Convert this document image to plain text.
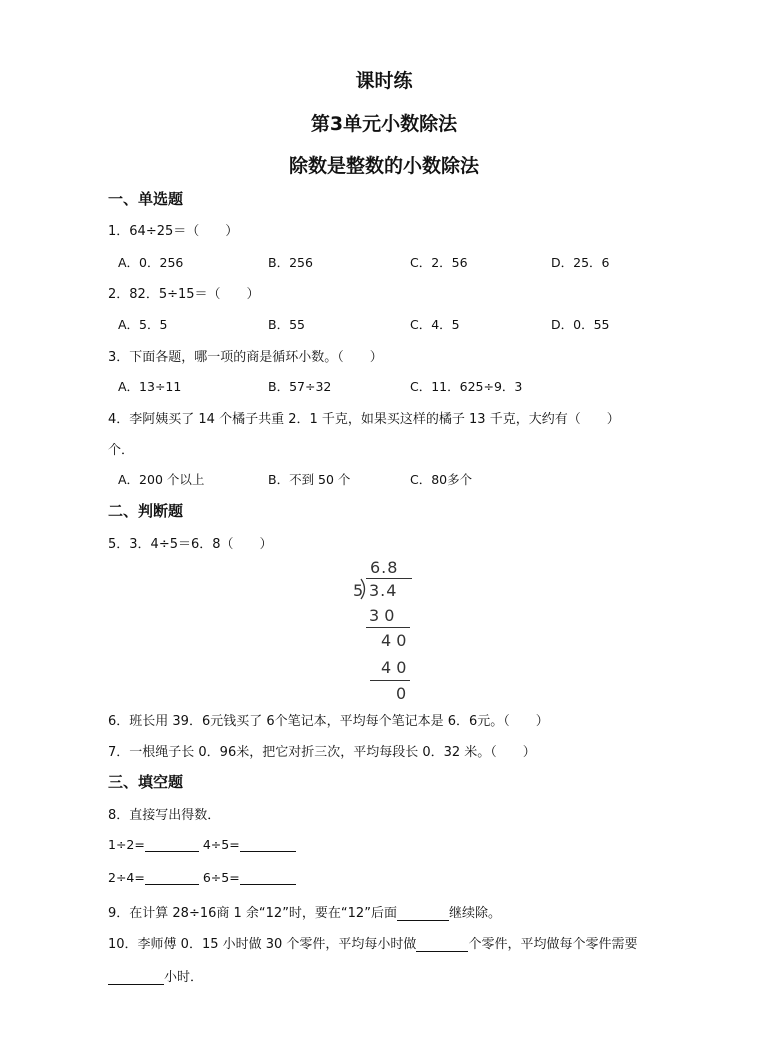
课时练
第3单元小数除法
除数是整数的小数除法
一、单选题
1．64÷25＝（　　）
A．0．256	B．256	C．2．56	D．25．6
2．82．5÷15＝（　　）
A．5．5	B．55	C．4．5	D．0．55
3．下面各题，哪一项的商是循环小数。（　　）
A．13÷11	B．57÷32	C．11．625÷9．3
4．李阿姨买了 14 个橘子共重 2．1 千克，如果买这样的橘子 13 千克，大约有（　　）
个．
A．200 个以上	B．不到 50 个	C．80多个
二、判断题
5．3．4÷5＝6．8（　　）
6.8
5 3.4
3 0
4 0
4 0
0
6．班长用 39．6元钱买了 6个笔记本，平均每个笔记本是 6．6元。（　　）
7．一根绳子长 0．96米，把它对折三次，平均每段长 0．32 米。（　　）
三、填空题
8．直接写出得数．
1÷2=	4÷5=
2÷4=	6÷5=
9．在计算 28÷16商 1 余“12”时，要在“12”后面	继续除。
10．李师傅 0．15 小时做 30 个零件，平均每小时做	个零件，平均做每个零件需要
小时．
